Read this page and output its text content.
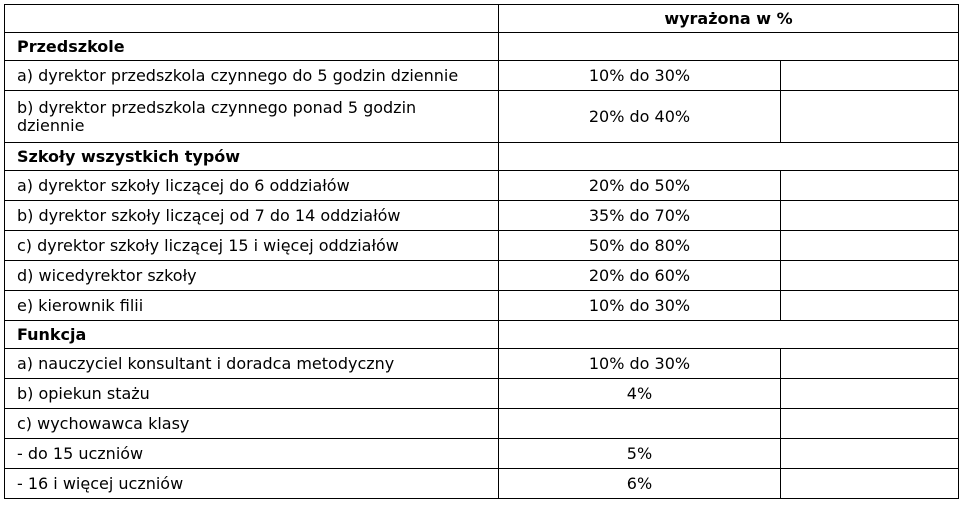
	wyrażona w %	
Przedszkole		
a) dyrektor przedszkola czynnego do 5 godzin dziennie	10% do 30%	
b) dyrektor przedszkola czynnego ponad 5 godzin dziennie	20% do 40%	
Szkoły wszystkich typów		
a) dyrektor szkoły liczącej do 6 oddziałów	20% do 50%	
b) dyrektor szkoły liczącej od 7 do 14 oddziałów	35% do 70%	
c) dyrektor szkoły liczącej 15 i więcej oddziałów	50% do 80%	
d) wicedyrektor szkoły	20% do 60%	
e) kierownik filii	10% do 30%	
Funkcja		
a) nauczyciel konsultant i doradca metodyczny	10% do 30%	
b) opiekun stażu	4%	
c) wychowawca klasy		
- do 15 uczniów	5%	
- 16 i więcej uczniów	6%	
